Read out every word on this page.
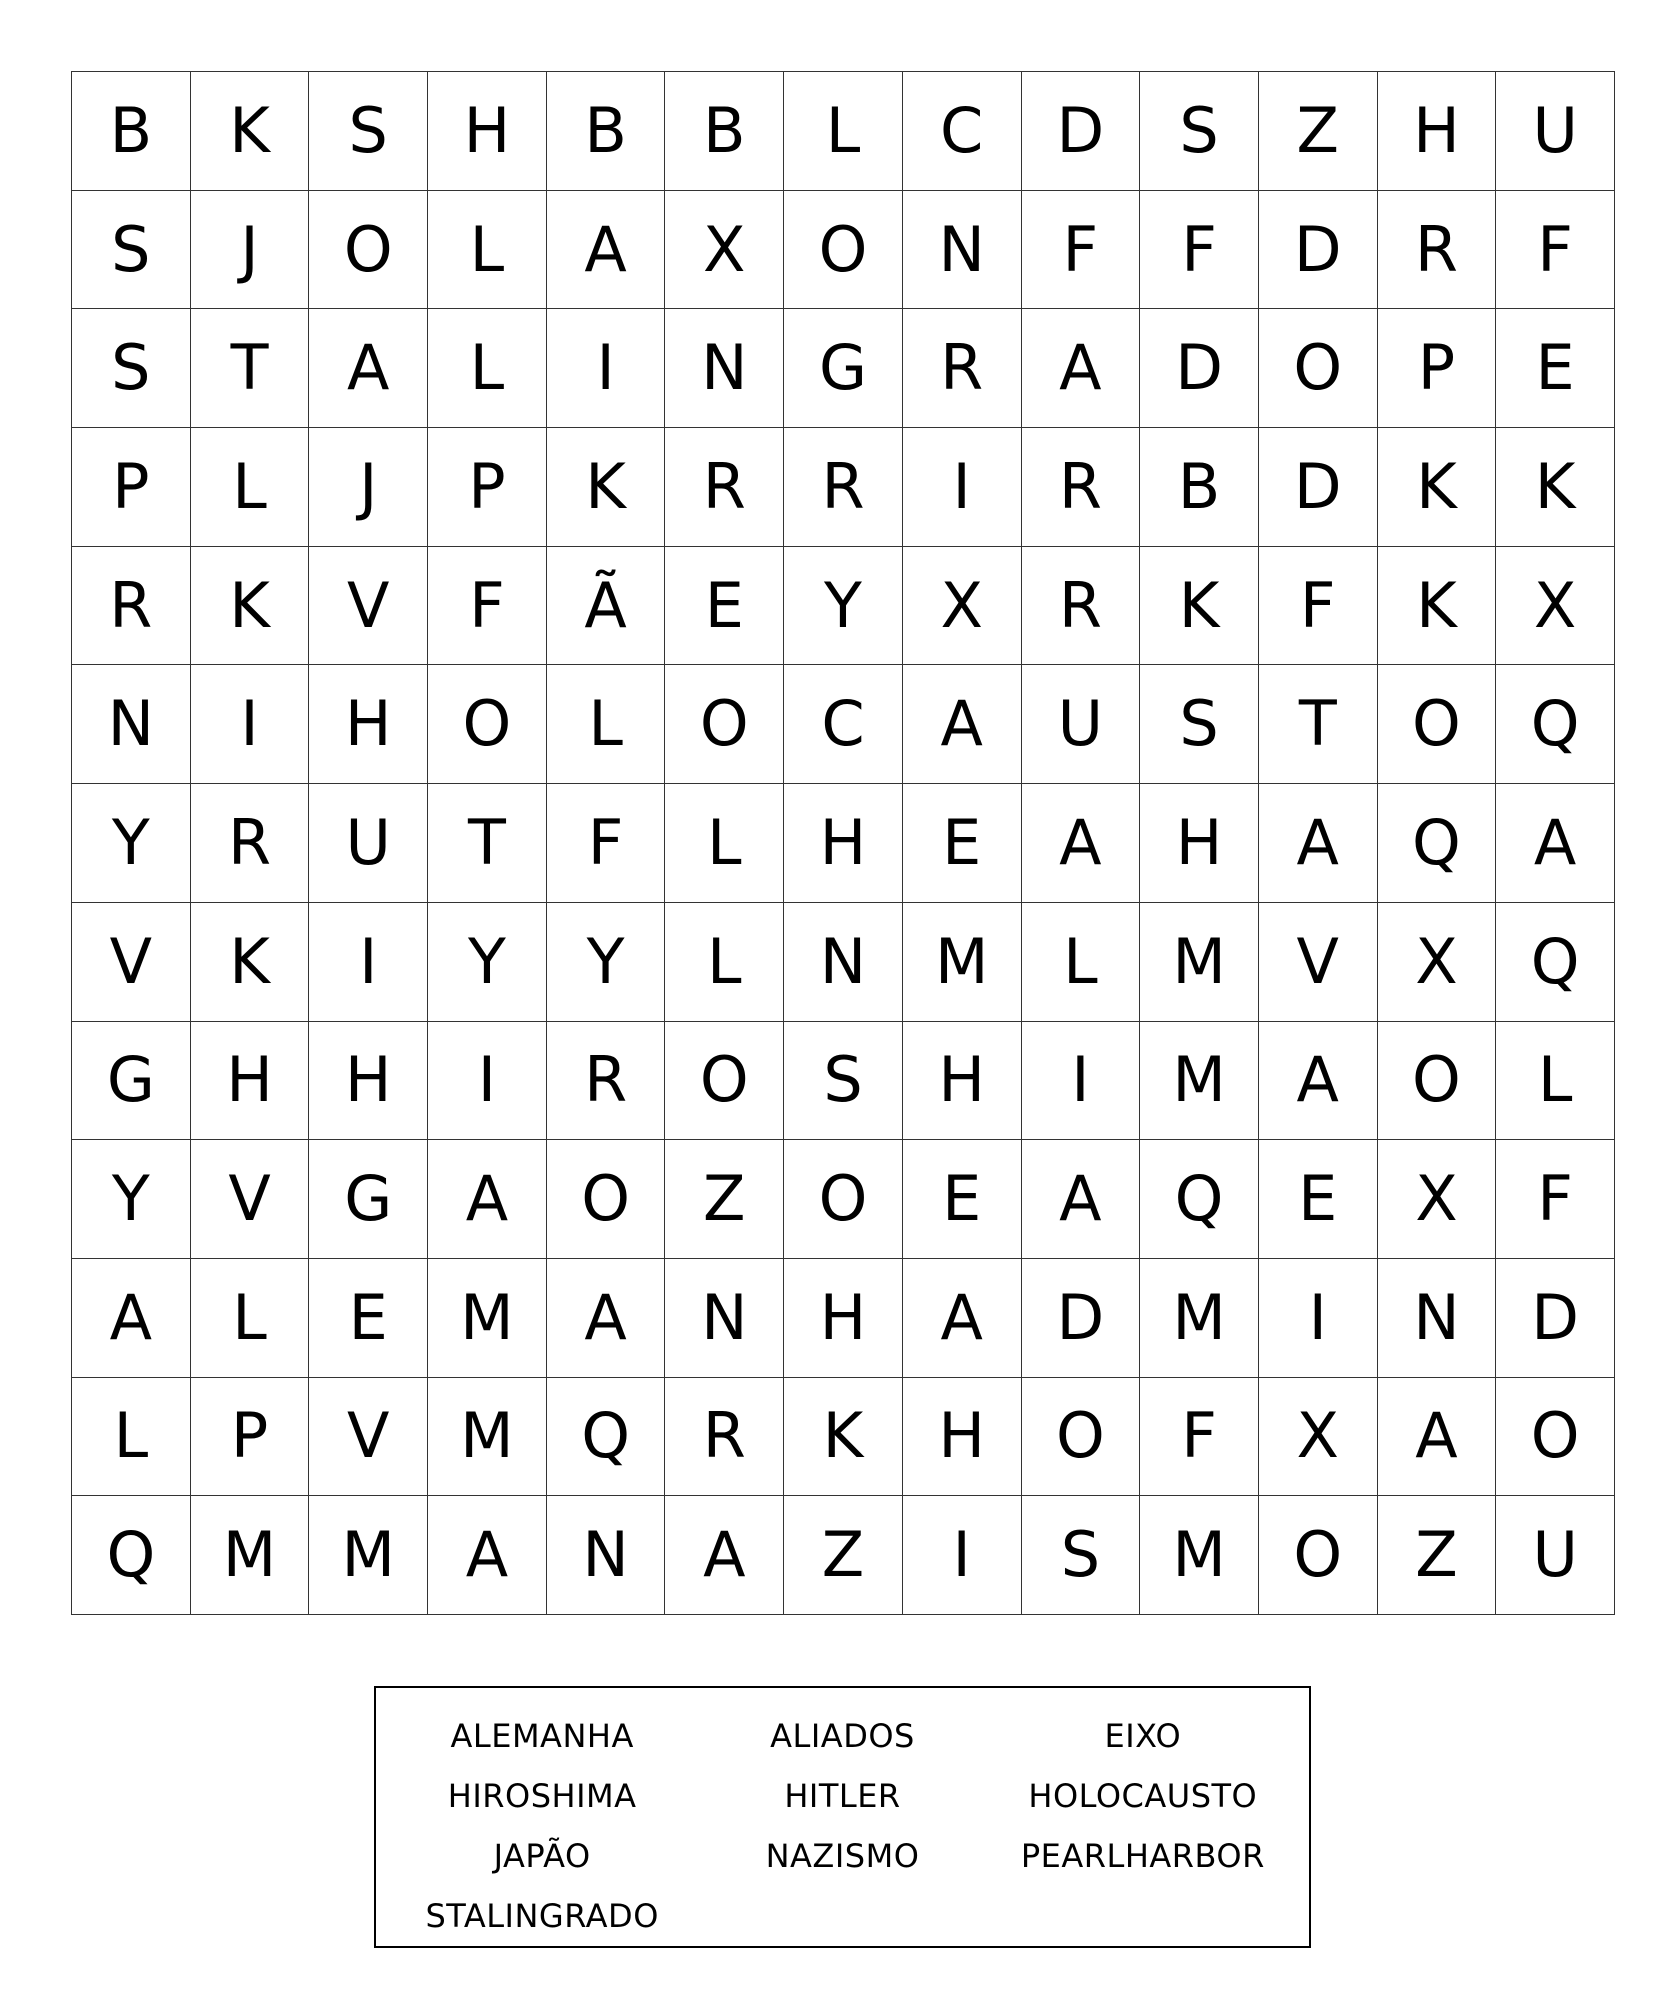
B	K	S	H	B	B	L	C	D	S	Z	H	U
S	J	O	L	A	X	O	N	F	F	D	R	F
S	T	A	L	I	N	G	R	A	D	O	P	E
P	L	J	P	K	R	R	I	R	B	D	K	K
R	K	V	F	Ã	E	Y	X	R	K	F	K	X
N	I	H	O	L	O	C	A	U	S	T	O	Q
Y	R	U	T	F	L	H	E	A	H	A	Q	A
V	K	I	Y	Y	L	N	M	L	M	V	X	Q
G	H	H	I	R	O	S	H	I	M	A	O	L
Y	V	G	A	O	Z	O	E	A	Q	E	X	F
A	L	E	M	A	N	H	A	D	M	I	N	D
L	P	V	M	Q	R	K	H	O	F	X	A	O
Q	M	M	A	N	A	Z	I	S	M	O	Z	U
ALEMANHA	ALIADOS	EIXO
HIROSHIMA	HITLER	HOLOCAUSTO
JAPÃO	NAZISMO	PEARLHARBOR
STALINGRADO
